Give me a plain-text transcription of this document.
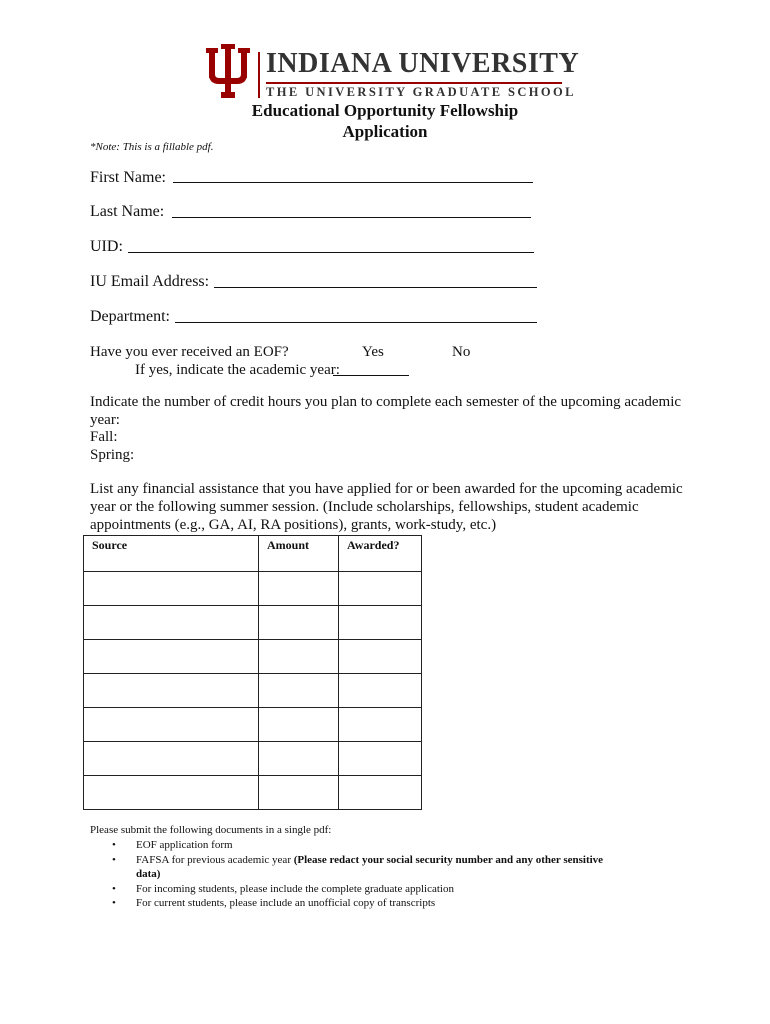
INDIANA UNIVERSITY
THE UNIVERSITY GRADUATE SCHOOL
Educational Opportunity Fellowship
Application
*Note: This is a fillable pdf.
First Name:
Last Name:
UID:
IU Email Address:
Department:
Have you ever received an EOF?	Yes	No
If yes, indicate the academic year:
Indicate the number of credit hours you plan to complete each semester of the upcoming academic year:
Fall:
Spring:
List any financial assistance that you have applied for or been awarded for the upcoming academic year or the following summer session. (Include scholarships, fellowships, student academic appointments (e.g., GA, AI, RA positions), grants, work-study, etc.)
Source	Amount	Awarded?

Please submit the following documents in a single pdf:
• EOF application form
• FAFSA for previous academic year (Please redact your social security number and any other sensitive data)
• For incoming students, please include the complete graduate application
• For current students, please include an unofficial copy of transcripts
